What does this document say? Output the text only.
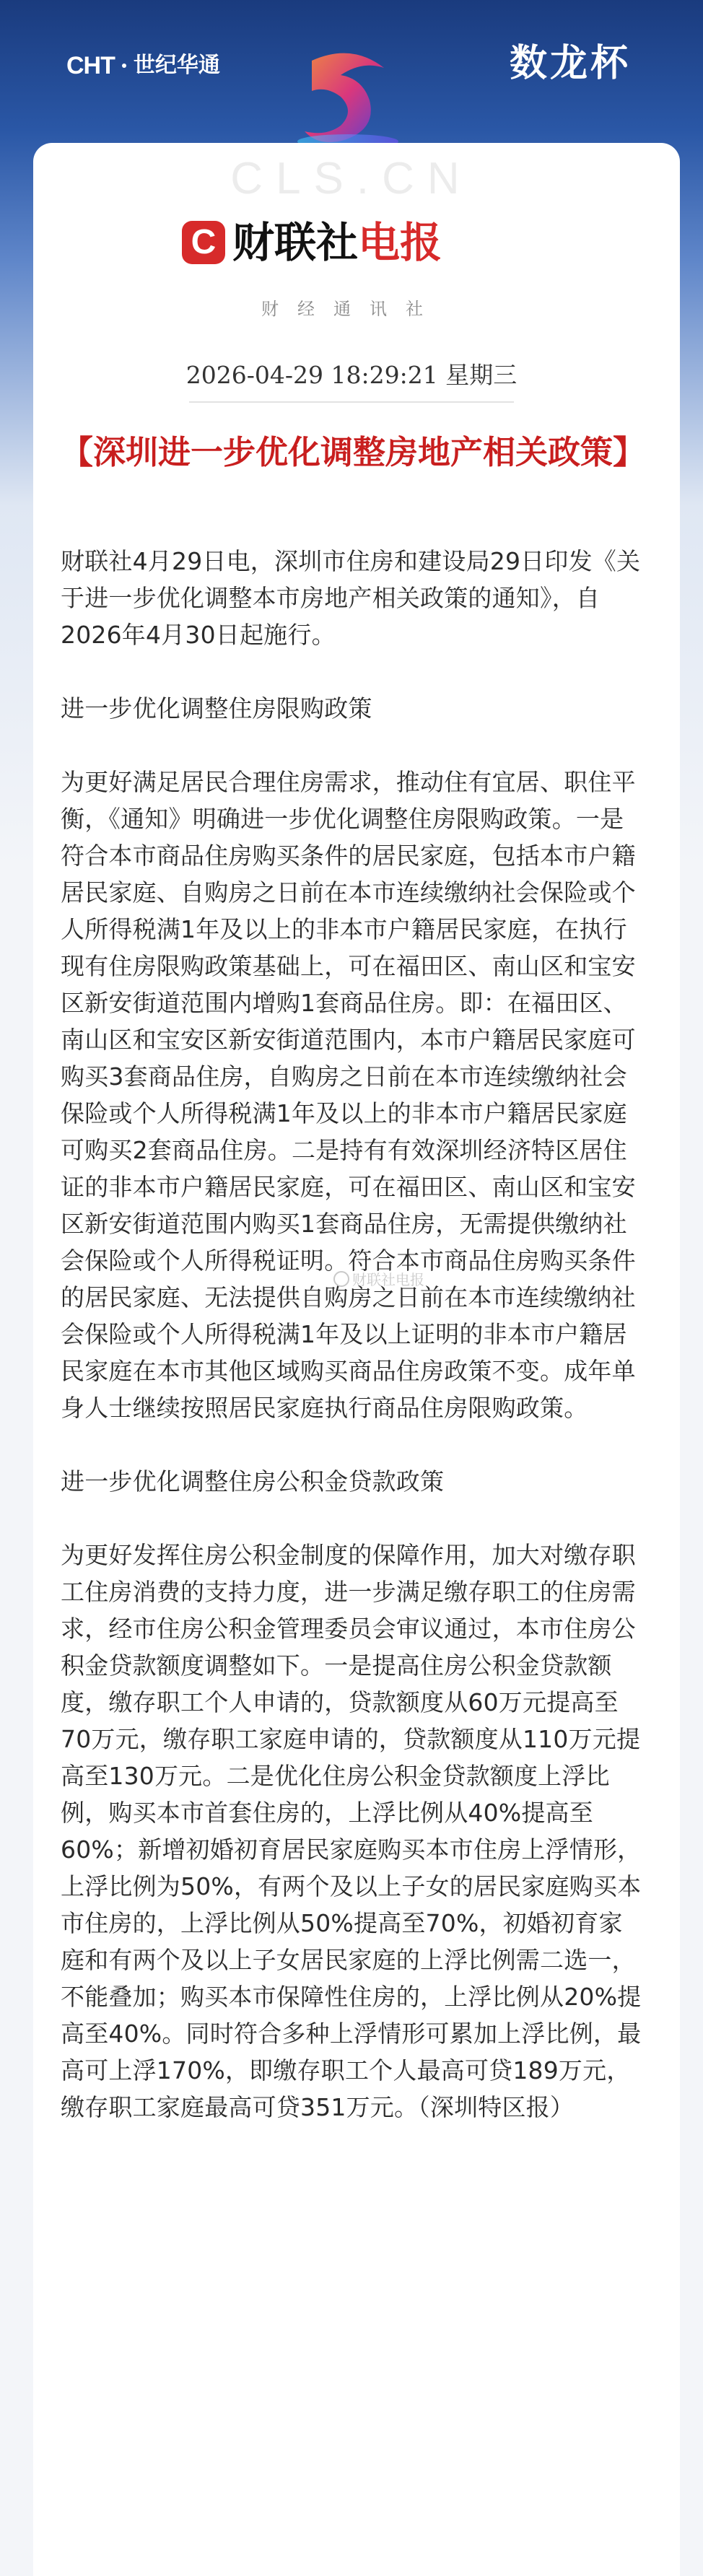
CHT 世纪华通	数龙杯
CLS.CN
C 财联社电报
财经通讯社
2026-04-29 18:29:21 星期三
【深圳进一步优化调整房地产相关政策】

财联社4月29日电，深圳市住房和建设局29日印发《关于进一步优化调整本市房地产相关政策的通知》，自2026年4月30日起施行。

进一步优化调整住房限购政策

为更好满足居民合理住房需求，推动住有宜居、职住平衡，《通知》明确进一步优化调整住房限购政策。一是符合本市商品住房购买条件的居民家庭，包括本市户籍居民家庭、自购房之日前在本市连续缴纳社会保险或个人所得税满1年及以上的非本市户籍居民家庭，在执行现有住房限购政策基础上，可在福田区、南山区和宝安区新安街道范围内增购1套商品住房。即：在福田区、南山区和宝安区新安街道范围内，本市户籍居民家庭可购买3套商品住房，自购房之日前在本市连续缴纳社会保险或个人所得税满1年及以上的非本市户籍居民家庭可购买2套商品住房。二是持有有效深圳经济特区居住证的非本市户籍居民家庭，可在福田区、南山区和宝安区新安街道范围内购买1套商品住房，无需提供缴纳社会保险或个人所得税证明。符合本市商品住房购买条件的居民家庭、无法提供自购房之日前在本市连续缴纳社会保险或个人所得税满1年及以上证明的非本市户籍居民家庭在本市其他区域购买商品住房政策不变。成年单身人士继续按照居民家庭执行商品住房限购政策。

进一步优化调整住房公积金贷款政策

为更好发挥住房公积金制度的保障作用，加大对缴存职工住房消费的支持力度，进一步满足缴存职工的住房需求，经市住房公积金管理委员会审议通过，本市住房公积金贷款额度调整如下。一是提高住房公积金贷款额度，缴存职工个人申请的，贷款额度从60万元提高至70万元，缴存职工家庭申请的，贷款额度从110万元提高至130万元。二是优化住房公积金贷款额度上浮比例，购买本市首套住房的，上浮比例从40%提高至60%；新增初婚初育居民家庭购买本市住房上浮情形，上浮比例为50%，有两个及以上子女的居民家庭购买本市住房的，上浮比例从50%提高至70%，初婚初育家庭和有两个及以上子女居民家庭的上浮比例需二选一，不能叠加；购买本市保障性住房的，上浮比例从20%提高至40%。同时符合多种上浮情形可累加上浮比例，最高可上浮170%，即缴存职工个人最高可贷189万元，缴存职工家庭最高可贷351万元。（深圳特区报）

财联社电报
